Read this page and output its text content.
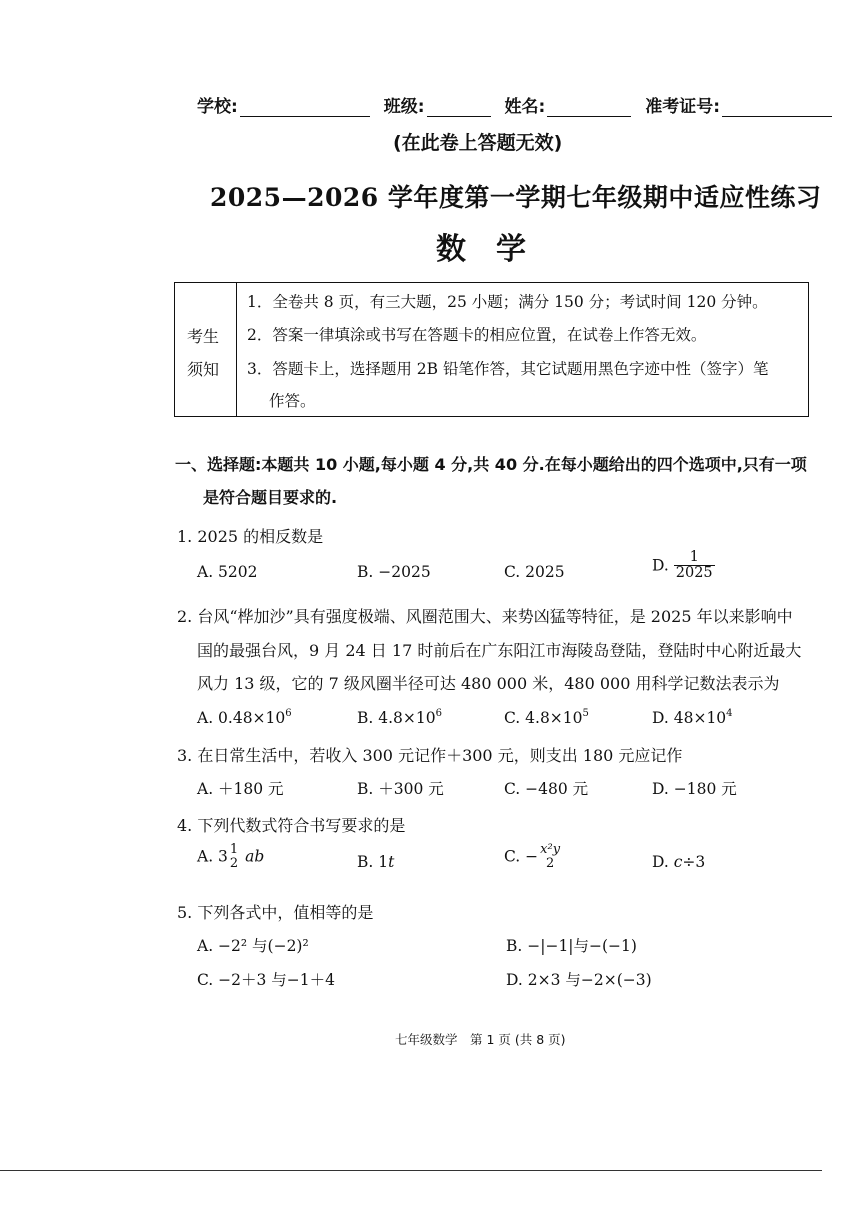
学校:	班级:	姓名:	准考证号:
(在此卷上答题无效)
2025—2026 学年度第一学期七年级期中适应性练习
数　学
考生
须知
1．全卷共 8 页，有三大题，25 小题；满分 150 分；考试时间 120 分钟。
2．答案一律填涂或书写在答题卡的相应位置，在试卷上作答无效。
3．答题卡上，选择题用 2B 铅笔作答，其它试题用黑色字迹中性（签字）笔
作答。
一、选择题:本题共 10 小题,每小题 4 分,共 40 分.在每小题给出的四个选项中,只有一项
是符合题目要求的.
1. 2025 的相反数是
A. 5202	B. −2025	C. 2025	D. $\frac{1}{2025}$
2. 台风“桦加沙”具有强度极端、风圈范围大、来势凶猛等特征，是 2025 年以来影响中
国的最强台风，9 月 24 日 17 时前后在广东阳江市海陵岛登陆，登陆时中心附近最大
风力 13 级，它的 7 级风圈半径可达 480 000 米，480 000 用科学记数法表示为
A. $0.48\times 10^6$	B. $4.8\times 10^6$	C. $4.8\times 10^5$	D. $48\times 10^4$
3. 在日常生活中，若收入 300 元记作＋300 元，则支出 180 元应记作
A. ＋180 元	B. ＋300 元	C. −480 元	D. −180 元
4. 下列代数式符合书写要求的是
A. 3 1
2 ab	B. 1t	C. − x²y
2	D. c÷3
5. 下列各式中，值相等的是
A. −2² 与(−2)²	B. −|−1|与−(−1)
C. −2＋3 与−1＋4	D. 2×3 与−2×(−3)
七年级数学　第 1 页 (共 8 页)
